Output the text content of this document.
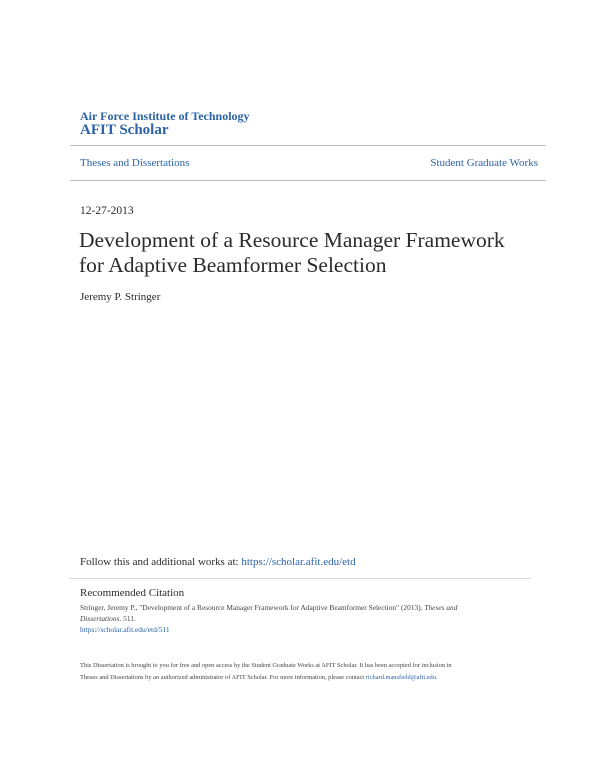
Air Force Institute of Technology
AFIT Scholar
Theses and Dissertations	Student Graduate Works
12-27-2013
Development of a Resource Manager Framework
for Adaptive Beamformer Selection
Jeremy P. Stringer
Follow this and additional works at: https://scholar.afit.edu/etd
Recommended Citation
Stringer, Jeremy P., "Development of a Resource Manager Framework for Adaptive Beamformer Selection" (2013). Theses and
Dissertations. 511.
https://scholar.afit.edu/etd/511
This Dissertation is brought to you for free and open access by the Student Graduate Works at AFIT Scholar. It has been accepted for inclusion in
Theses and Dissertations by an authorized administrator of AFIT Scholar. For more information, please contact richard.mansfield@afit.edu.
